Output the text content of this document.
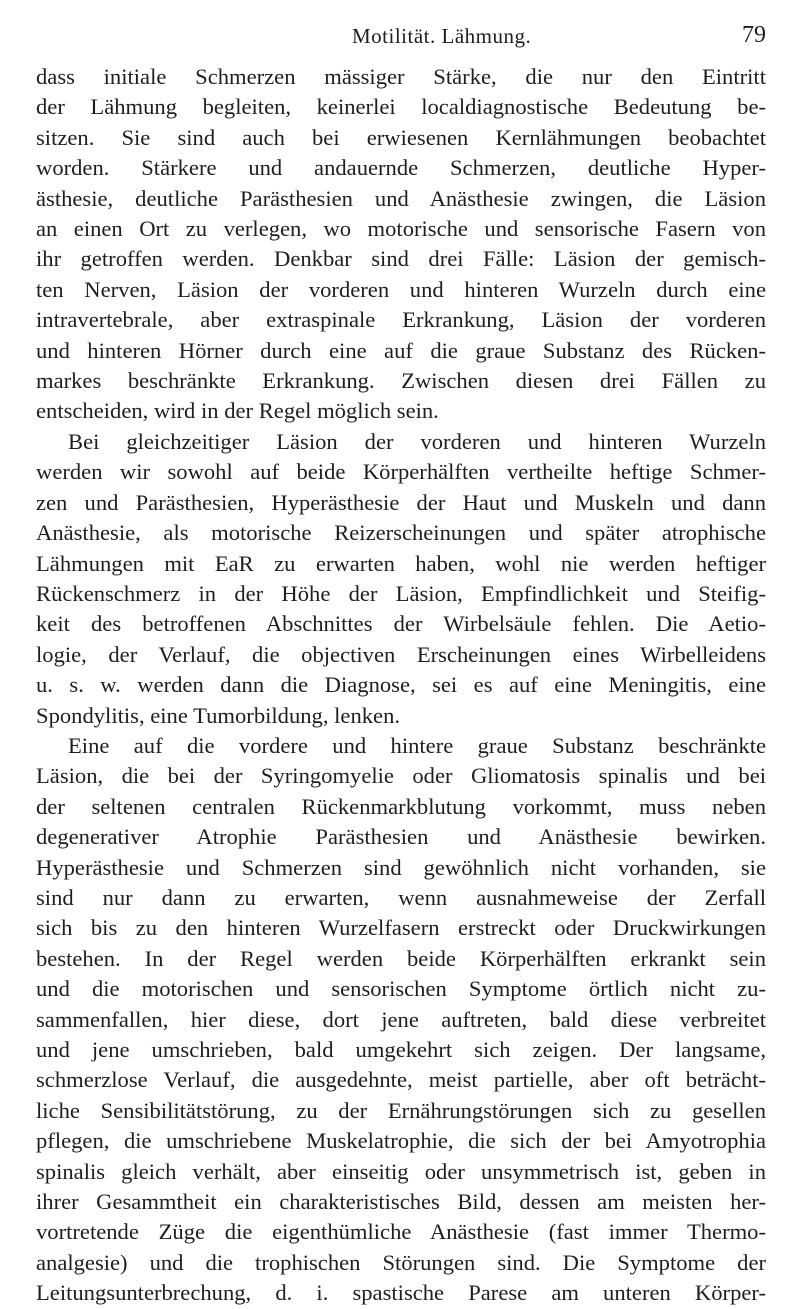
Motilität. Lähmung.	79

dass initiale Schmerzen mässiger Stärke, die nur den Eintritt
der Lähmung begleiten, keinerlei localdiagnostische Bedeutung be-
sitzen. Sie sind auch bei erwiesenen Kernlähmungen beobachtet
worden. Stärkere und andauernde Schmerzen, deutliche Hyper-
ästhesie, deutliche Parästhesien und Anästhesie zwingen, die Läsion
an einen Ort zu verlegen, wo motorische und sensorische Fasern von
ihr getroffen werden. Denkbar sind drei Fälle: Läsion der gemisch-
ten Nerven, Läsion der vorderen und hinteren Wurzeln durch eine
intravertebrale, aber extraspinale Erkrankung, Läsion der vorderen
und hinteren Hörner durch eine auf die graue Substanz des Rücken-
markes beschränkte Erkrankung. Zwischen diesen drei Fällen zu
entscheiden, wird in der Regel möglich sein.

Bei gleichzeitiger Läsion der vorderen und hinteren Wurzeln
werden wir sowohl auf beide Körperhälften vertheilte heftige Schmer-
zen und Parästhesien, Hyperästhesie der Haut und Muskeln und dann
Anästhesie, als motorische Reizerscheinungen und später atrophische
Lähmungen mit EaR zu erwarten haben, wohl nie werden heftiger
Rückenschmerz in der Höhe der Läsion, Empfindlichkeit und Steifig-
keit des betroffenen Abschnittes der Wirbelsäule fehlen. Die Aetio-
logie, der Verlauf, die objectiven Erscheinungen eines Wirbelleidens
u. s. w. werden dann die Diagnose, sei es auf eine Meningitis, eine
Spondylitis, eine Tumorbildung, lenken.

Eine auf die vordere und hintere graue Substanz beschränkte
Läsion, die bei der Syringomyelie oder Gliomatosis spinalis und bei
der seltenen centralen Rückenmarkblutung vorkommt, muss neben
degenerativer Atrophie Parästhesien und Anästhesie bewirken.
Hyperästhesie und Schmerzen sind gewöhnlich nicht vorhanden, sie
sind nur dann zu erwarten, wenn ausnahmeweise der Zerfall
sich bis zu den hinteren Wurzelfasern erstreckt oder Druckwirkungen
bestehen. In der Regel werden beide Körperhälften erkrankt sein
und die motorischen und sensorischen Symptome örtlich nicht zu-
sammenfallen, hier diese, dort jene auftreten, bald diese verbreitet
und jene umschrieben, bald umgekehrt sich zeigen. Der langsame,
schmerzlose Verlauf, die ausgedehnte, meist partielle, aber oft beträcht-
liche Sensibilitätstörung, zu der Ernährungstörungen sich zu gesellen
pflegen, die umschriebene Muskelatrophie, die sich der bei Amyotrophia
spinalis gleich verhält, aber einseitig oder unsymmetrisch ist, geben in
ihrer Gesammtheit ein charakteristisches Bild, dessen am meisten her-
vortretende Züge die eigenthümliche Anästhesie (fast immer Thermo-
analgesie) und die trophischen Störungen sind. Die Symptome der
Leitungsunterbrechung, d. i. spastische Parese am unteren Körper-
